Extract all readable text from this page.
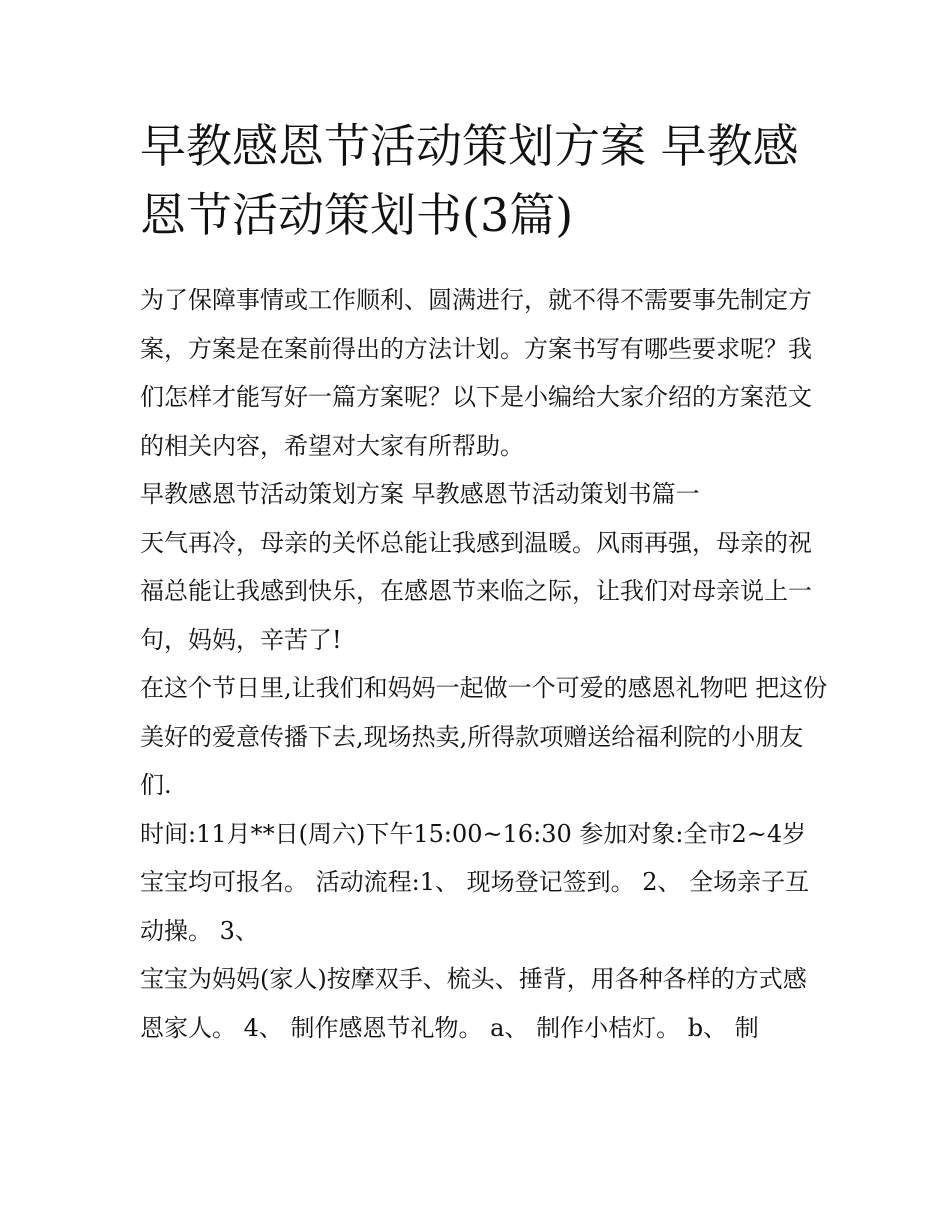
早教感恩节活动策划方案 早教感恩节活动策划书(3篇)

为了保障事情或工作顺利、圆满进行，就不得不需要事先制定方案，方案是在案前得出的方法计划。方案书写有哪些要求呢？我们怎样才能写好一篇方案呢？以下是小编给大家介绍的方案范文的相关内容，希望对大家有所帮助。

早教感恩节活动策划方案 早教感恩节活动策划书篇一

天气再冷，母亲的关怀总能让我感到温暖。风雨再强，母亲的祝福总能让我感到快乐，在感恩节来临之际，让我们对母亲说上一句，妈妈，辛苦了!

在这个节日里,让我们和妈妈一起做一个可爱的感恩礼物吧 把这份美好的爱意传播下去,现场热卖,所得款项赠送给福利院的小朋友们.

时间:11月**日(周六)下午15:00~16:30 参加对象:全市2~4岁宝宝均可报名。 活动流程:1、 现场登记签到。 2、 全场亲子互动操。 3、

宝宝为妈妈(家人)按摩双手、梳头、捶背，用各种各样的方式感恩家人。 4、 制作感恩节礼物。 a、 制作小桔灯。 b、 制
